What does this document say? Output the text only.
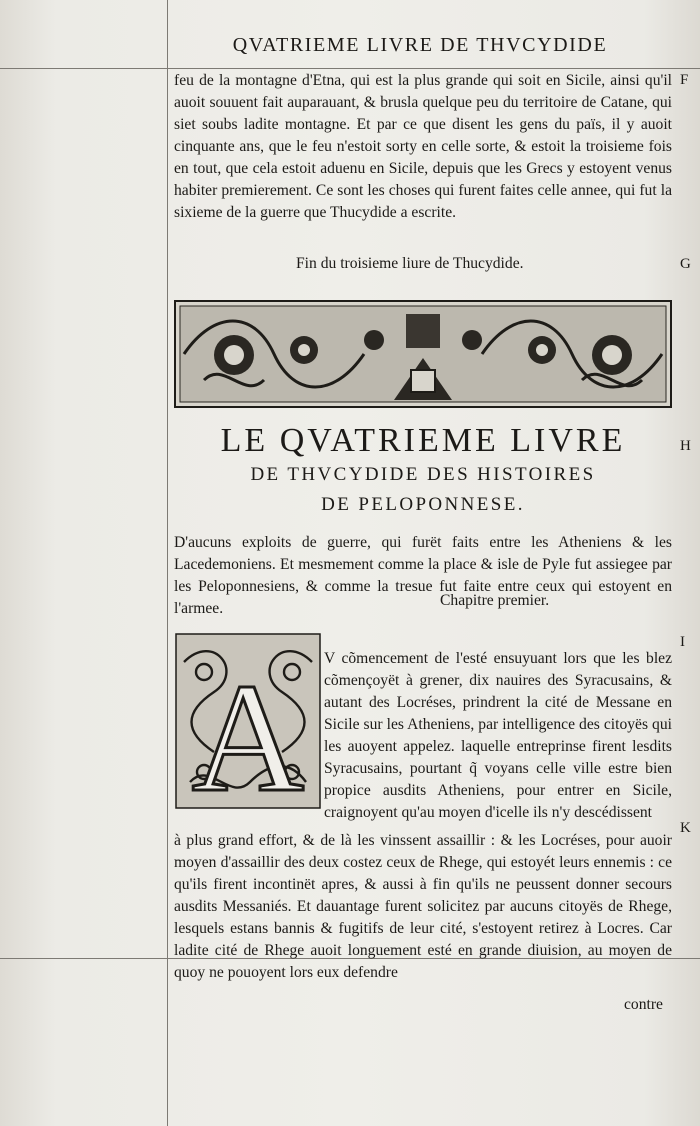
QVATRIEME LIVRE DE THVCYDIDE

feu de la montagne d'Etna, qui est la plus grande qui soit en Sicile, ainsi qu'il auoit souuent fait auparauant, & brusla quelque peu du territoire de Catane, qui siet soubs ladite montagne. Et par ce que disent les gens du païs, il y auoit cinquante ans, que le feu n'estoit sorty en celle sorte, & estoit la troisieme fois en tout, que cela estoit aduenu en Sicile, depuis que les Grecs y estoyent venus habiter premierement. Ce sont les choses qui furent faites celle annee, qui fut la sixieme de la guerre que Thucydide a escrite.

Fin du troisieme liure de Thucydide.
LE QVATRIEME LIVRE
DE THVCYDIDE DES HISTOIRES
DE PELOPONNESE.

D'aucuns exploits de guerre, qui furët faits entre les Atheniens & les Lacedemoniens. Et mesmement comme la place & isle de Pyle fut assiegee par les Peloponnesiens, & comme la tresue fut faite entre ceux qui estoyent en l'armee.	Chapitre premier.
A V cõmencement de l'esté ensuyuant lors que les blez cõmençoyët à grener, dix nauires des Syracusains, & autant des Locréses, prindrent la cité de Messane en Sicile sur les Atheniens, par intelligence des citoyës qui les auoyent appelez. laquelle entreprinse firent lesdits Syracusains, pourtant q̃ voyans celle ville estre bien propice ausdits Atheniens, pour entrer en Sicile, craignoyent qu'au moyen d'icelle ils n'y descédissent

à plus grand effort, & de là les vinssent assaillir : & les Locréses, pour auoir moyen d'assaillir des deux costez ceux de Rhege, qui estoyét leurs ennemis : ce qu'ils firent incontinët apres, & aussi à fin qu'ils ne peussent donner secours ausdits Messaniés. Et dauantage furent solicitez par aucuns citoyës de Rhege, lesquels estans bannis & fugitifs de leur cité, s'estoyent retirez à Locres. Car ladite cité de Rhege auoit longuement esté en grande diuision, au moyen de quoy ne pouoyent lors eux defendre

contre
F
G
H
I
K
